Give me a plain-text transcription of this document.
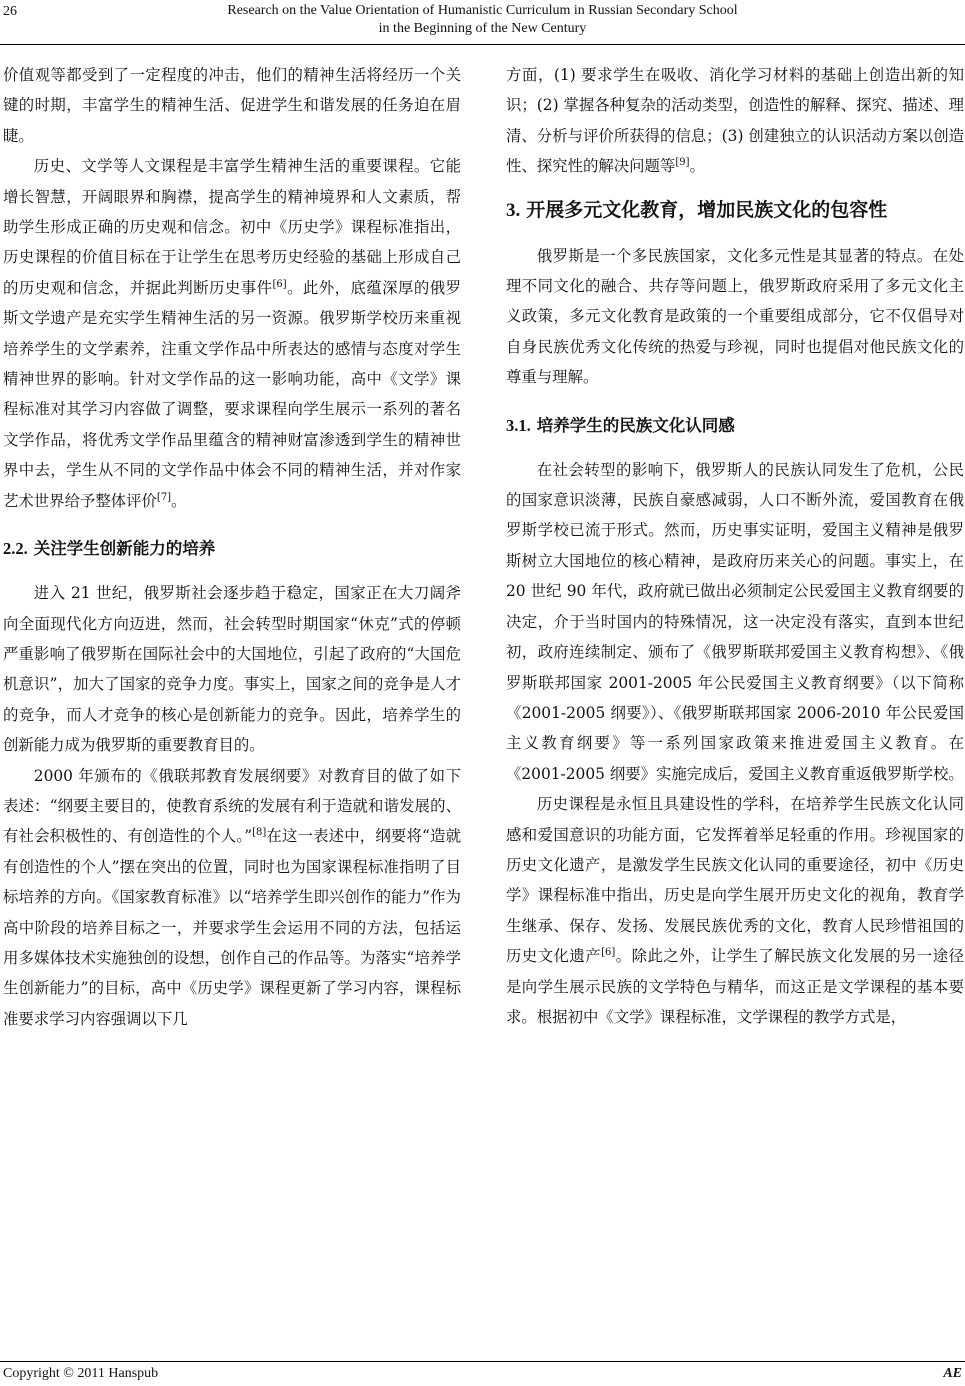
26	Research on the Value Orientation of Humanistic Curriculum in Russian Secondary School
in the Beginning of the New Century

价值观等都受到了一定程度的冲击，他们的精神生活将经历一个关键的时期，丰富学生的精神生活、促进学生和谐发展的任务迫在眉睫。

历史、文学等人文课程是丰富学生精神生活的重要课程。它能增长智慧，开阔眼界和胸襟，提高学生的精神境界和人文素质，帮助学生形成正确的历史观和信念。初中《历史学》课程标准指出，历史课程的价值目标在于让学生在思考历史经验的基础上形成自己的历史观和信念，并据此判断历史事件[6]。此外，底蕴深厚的俄罗斯文学遗产是充实学生精神生活的另一资源。俄罗斯学校历来重视培养学生的文学素养，注重文学作品中所表达的感情与态度对学生精神世界的影响。针对文学作品的这一影响功能，高中《文学》课程标准对其学习内容做了调整，要求课程向学生展示一系列的著名文学作品，将优秀文学作品里蕴含的精神财富渗透到学生的精神世界中去，学生从不同的文学作品中体会不同的精神生活，并对作家艺术世界给予整体评价[7]。

2.2. 关注学生创新能力的培养

进入 21 世纪，俄罗斯社会逐步趋于稳定，国家正在大刀阔斧向全面现代化方向迈进，然而，社会转型时期国家“休克”式的停顿严重影响了俄罗斯在国际社会中的大国地位，引起了政府的“大国危机意识”，加大了国家的竞争力度。事实上，国家之间的竞争是人才的竞争，而人才竞争的核心是创新能力的竞争。因此，培养学生的创新能力成为俄罗斯的重要教育目的。

2000 年颁布的《俄联邦教育发展纲要》对教育目的做了如下表述：“纲要主要目的，使教育系统的发展有利于造就和谐发展的、有社会积极性的、有创造性的个人。”[8]在这一表述中，纲要将“造就有创造性的个人”摆在突出的位置，同时也为国家课程标准指明了目标培养的方向。《国家教育标准》以“培养学生即兴创作的能力”作为高中阶段的培养目标之一，并要求学生会运用不同的方法，包括运用多媒体技术实施独创的设想，创作自己的作品等。为落实“培养学生创新能力”的目标，高中《历史学》课程更新了学习内容，课程标准要求学习内容强调以下几

方面，(1) 要求学生在吸收、消化学习材料的基础上创造出新的知识；(2) 掌握各种复杂的活动类型，创造性的解释、探究、描述、理清、分析与评价所获得的信息；(3) 创建独立的认识活动方案以创造性、探究性的解决问题等[9]。

3. 开展多元文化教育，增加民族文化的包容性

俄罗斯是一个多民族国家，文化多元性是其显著的特点。在处理不同文化的融合、共存等问题上，俄罗斯政府采用了多元文化主义政策，多元文化教育是政策的一个重要组成部分，它不仅倡导对自身民族优秀文化传统的热爱与珍视，同时也提倡对他民族文化的尊重与理解。

3.1. 培养学生的民族文化认同感

在社会转型的影响下，俄罗斯人的民族认同发生了危机，公民的国家意识淡薄，民族自豪感减弱，人口不断外流，爱国教育在俄罗斯学校已流于形式。然而，历史事实证明，爱国主义精神是俄罗斯树立大国地位的核心精神，是政府历来关心的问题。事实上，在 20 世纪 90 年代，政府就已做出必须制定公民爱国主义教育纲要的决定，介于当时国内的特殊情况，这一决定没有落实，直到本世纪初，政府连续制定、颁布了《俄罗斯联邦爱国主义教育构想》、《俄罗斯联邦国家 2001-2005 年公民爱国主义教育纲要》（以下简称《2001-2005 纲要》）、《俄罗斯联邦国家 2006-2010 年公民爱国主义教育纲要》等一系列国家政策来推进爱国主义教育。在《2001-2005 纲要》实施完成后，爱国主义教育重返俄罗斯学校。

历史课程是永恒且具建设性的学科，在培养学生民族文化认同感和爱国意识的功能方面，它发挥着举足轻重的作用。珍视国家的历史文化遗产，是激发学生民族文化认同的重要途径，初中《历史学》课程标准中指出，历史是向学生展开历史文化的视角，教育学生继承、保存、发扬、发展民族优秀的文化，教育人民珍惜祖国的历史文化遗产[6]。除此之外，让学生了解民族文化发展的另一途径是向学生展示民族的文学特色与精华，而这正是文学课程的基本要求。根据初中《文学》课程标准，文学课程的教学方式是，

Copyright © 2011 Hanspub	AE
